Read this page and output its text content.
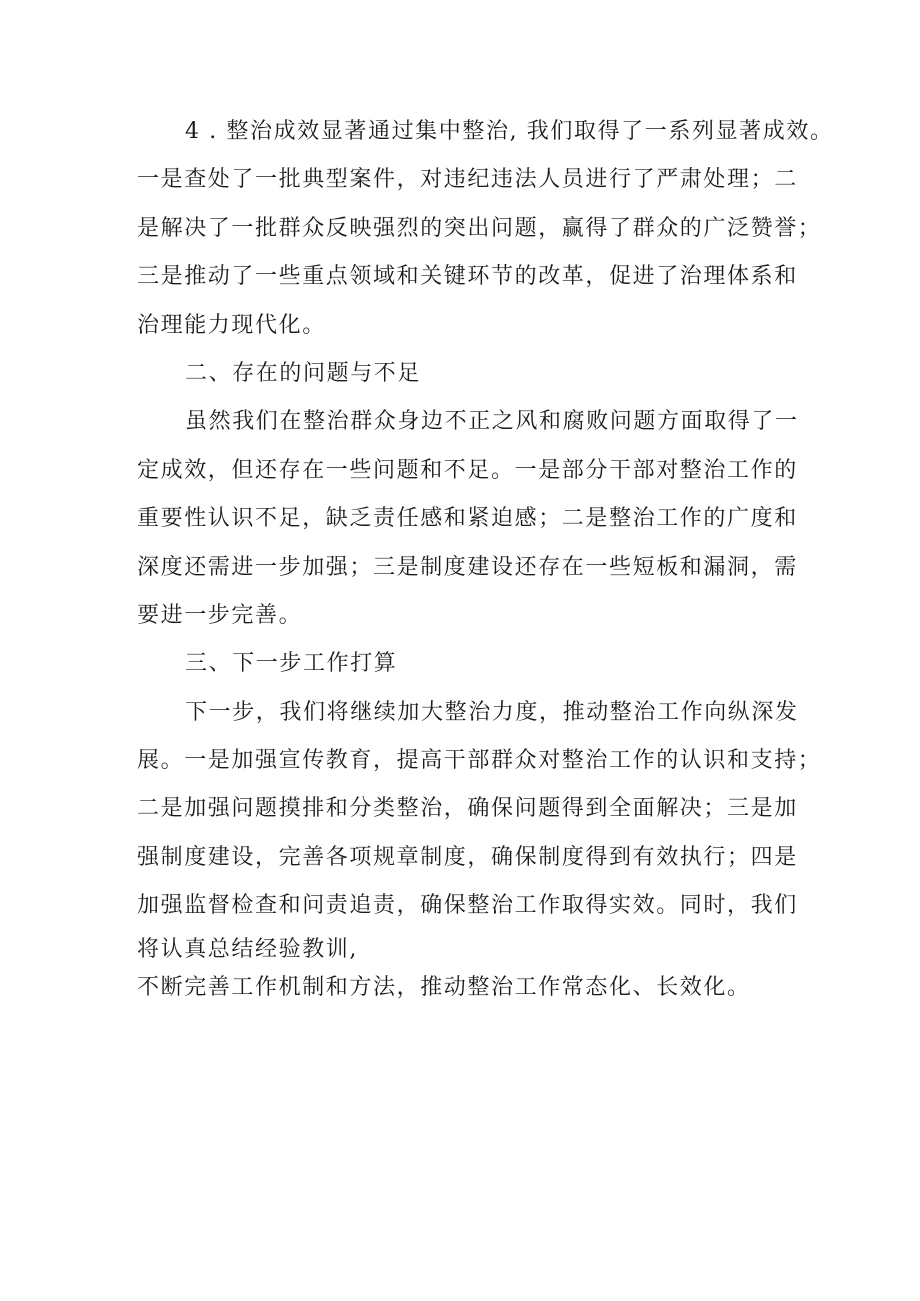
4 . 整治成效显著通过集中整治, 我们取得了一系列显著成效。
一是查处了一批典型案件，对违纪违法人员进行了严肃处理；二
是解决了一批群众反映强烈的突出问题，赢得了群众的广泛赞誉；
三是推动了一些重点领域和关键环节的改革，促进了治理体系和
治理能力现代化。
二、存在的问题与不足
虽然我们在整治群众身边不正之风和腐败问题方面取得了一
定成效，但还存在一些问题和不足。一是部分干部对整治工作的
重要性认识不足，缺乏责任感和紧迫感；二是整治工作的广度和
深度还需进一步加强；三是制度建设还存在一些短板和漏洞，需
要进一步完善。
三、下一步工作打算
下一步，我们将继续加大整治力度，推动整治工作向纵深发
展。一是加强宣传教育，提高干部群众对整治工作的认识和支持；
二是加强问题摸排和分类整治，确保问题得到全面解决；三是加
强制度建设，完善各项规章制度，确保制度得到有效执行；四是
加强监督检查和问责追责，确保整治工作取得实效。同时，我们
将认真总结经验教训,
不断完善工作机制和方法，推动整治工作常态化、长效化。
